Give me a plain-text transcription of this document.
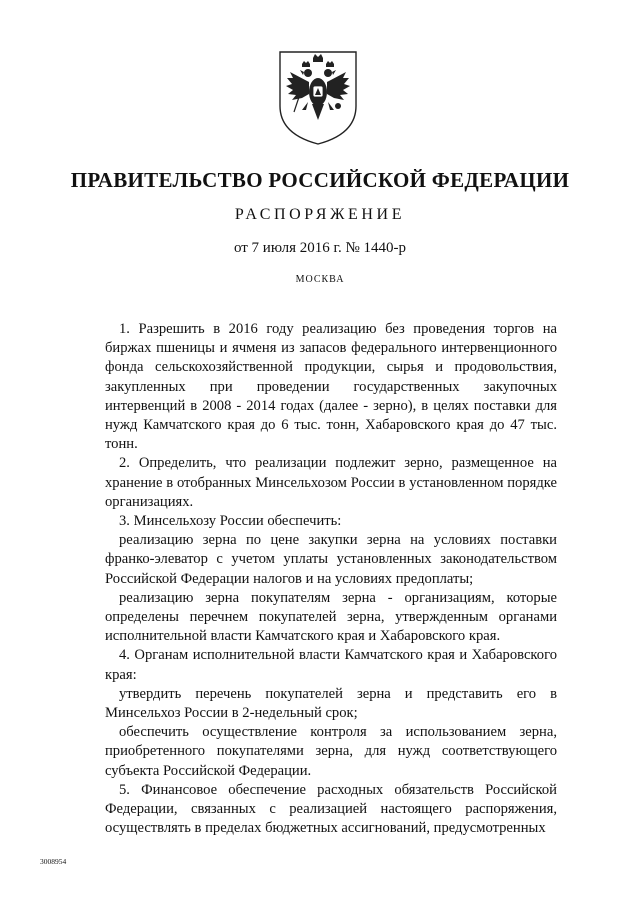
ПРАВИТЕЛЬСТВО РОССИЙСКОЙ ФЕДЕРАЦИИ
РАСПОРЯЖЕНИЕ
от 7 июля 2016 г. № 1440-р
МОСКВА

1. Разрешить в 2016 году реализацию без проведения торгов на биржах пшеницы и ячменя из запасов федерального интервенционного фонда сельскохозяйственной продукции, сырья и продовольствия, закупленных при проведении государственных закупочных интервенций в 2008 - 2014 годах (далее - зерно), в целях поставки для нужд Камчатского края до 6 тыс. тонн, Хабаровского края до 47 тыс. тонн.

2. Определить, что реализации подлежит зерно, размещенное на хранение в отобранных Минсельхозом России в установленном порядке организациях.

3. Минсельхозу России обеспечить:

реализацию зерна по цене закупки зерна на условиях поставки франко-элеватор с учетом уплаты установленных законодательством Российской Федерации налогов и на условиях предоплаты;

реализацию зерна покупателям зерна - организациям, которые определены перечнем покупателей зерна, утвержденным органами исполнительной власти Камчатского края и Хабаровского края.

4. Органам исполнительной власти Камчатского края и Хабаровского края:

утвердить перечень покупателей зерна и представить его в Минсельхоз России в 2-недельный срок;

обеспечить осуществление контроля за использованием зерна, приобретенного покупателями зерна, для нужд соответствующего субъекта Российской Федерации.

5. Финансовое обеспечение расходных обязательств Российской Федерации, связанных с реализацией настоящего распоряжения, осуществлять в пределах бюджетных ассигнований, предусмотренных

3008954
